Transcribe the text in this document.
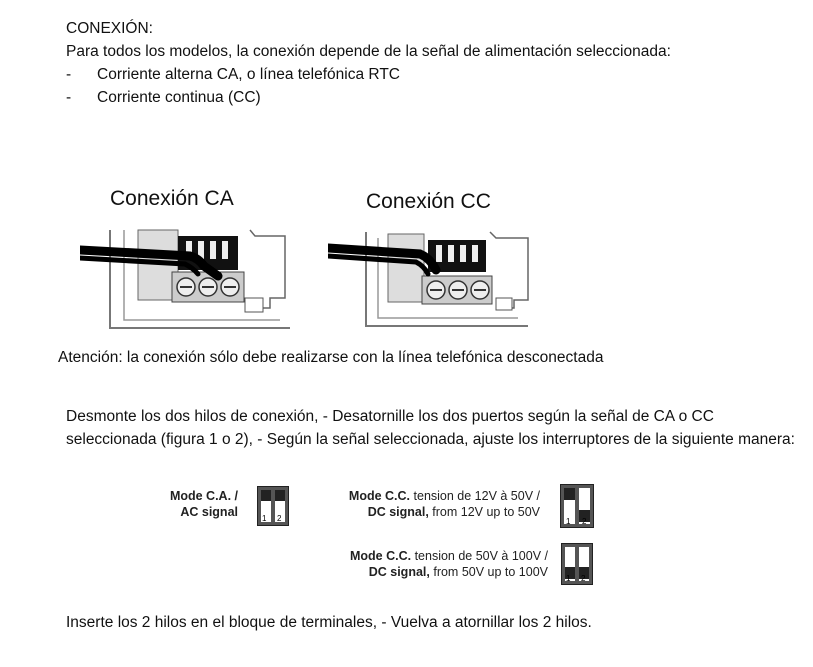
CONEXIÓN:
Para todos los modelos, la conexión depende de la señal de alimentación seleccionada:
- Corriente alterna CA, o línea telefónica RTC
- Corriente continua (CC)
Conexión CA	Conexión CC
Atención: la conexión sólo debe realizarse con la línea telefónica desconectada
Desmonte los dos hilos de conexión, - Desatornille los dos puertos según la señal de CA o CC seleccionada (figura 1 o 2), - Según la señal seleccionada, ajuste los interruptores de la siguiente manera:
Mode C.A. /
AC signal
Mode C.C. tension de 12V à 50V /
DC signal, from 12V up to 50V
Mode C.C. tension de 50V à 100V /
DC signal, from 50V up to 100V
1 2	1 2
1 2
Inserte los 2 hilos en el bloque de terminales, - Vuelva a atornillar los 2 hilos.
